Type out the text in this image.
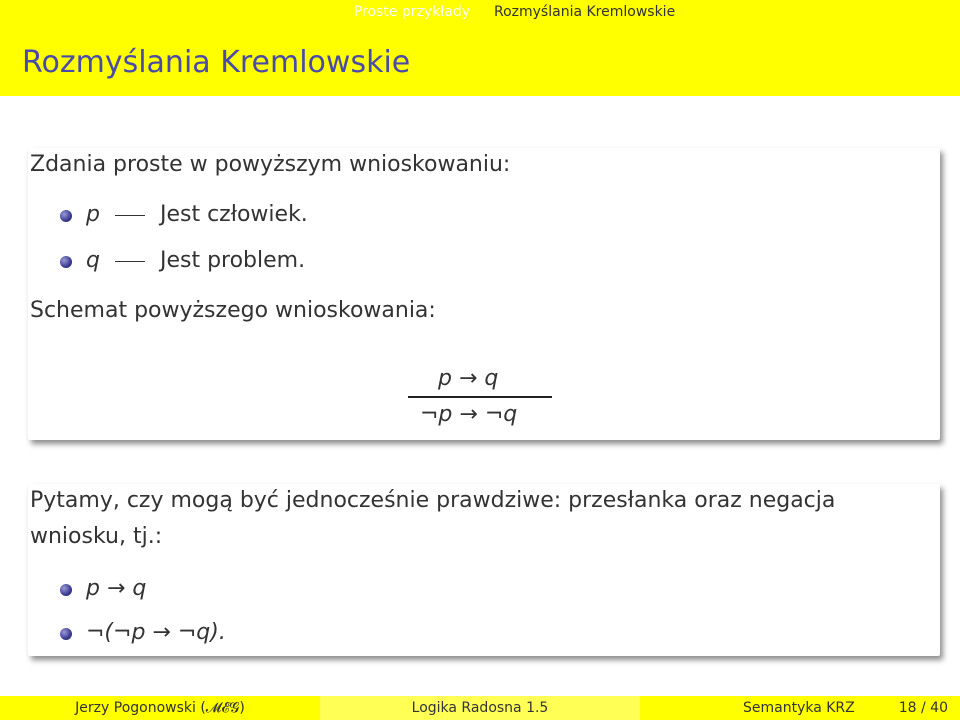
Proste przykłady Rozmyślania Kremlowskie
Rozmyślania Kremlowskie
Zdania proste w powyższym wnioskowaniu:
p	Jest człowiek.
q	Jest problem.
Schemat powyższego wnioskowania:
p → q
¬p → ¬q
Pytamy, czy mogą być jednocześnie prawdziwe: przesłanka oraz negacja
wniosku, tj.:
p → q
¬(¬p → ¬q).
Jerzy Pogonowski (𝓜𝓔𝓖)	Logika Radosna 1.5	Semantyka KRZ	18 / 40
